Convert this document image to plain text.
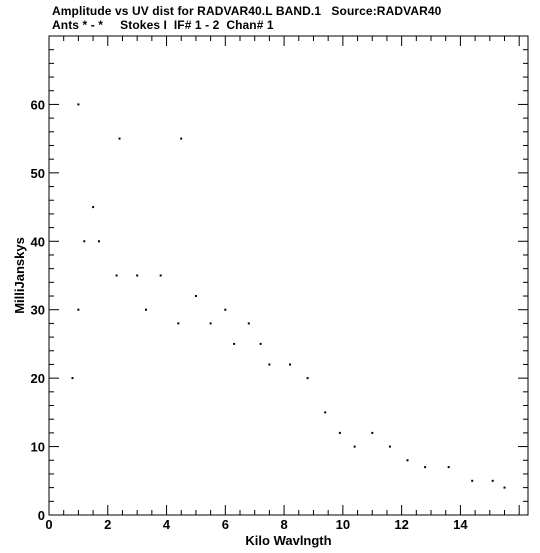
Amplitude vs UV dist for RADVAR40.L BAND.1   Source:RADVAR40
Ants * - *     Stokes I  IF# 1 - 2  Chan# 1
0	2	4	6	8	10	12	14
0
10
20
30
40
50
60
Kilo Wavlngth
MilliJanskys
